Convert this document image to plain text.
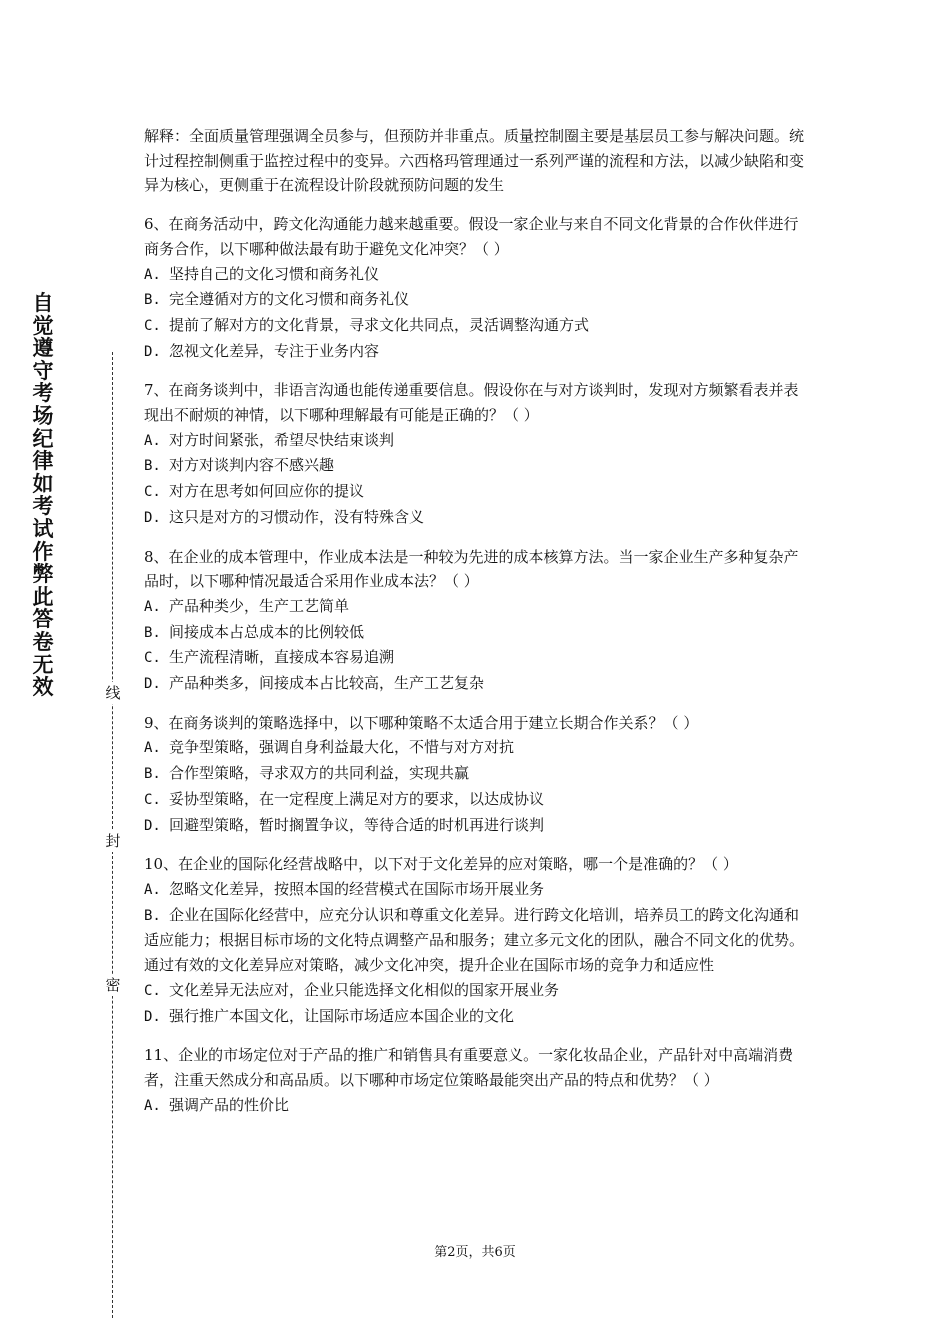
自觉遵守考场纪律如考试作弊此答卷无效	线
封
密

解释：全面质量管理强调全员参与，但预防并非重点。质量控制圈主要是基层员工参与解决问题。统计过程控制侧重于监控过程中的变异。六西格玛管理通过一系列严谨的流程和方法，以减少缺陷和变异为核心，更侧重于在流程设计阶段就预防问题的发生

6、在商务活动中，跨文化沟通能力越来越重要。假设一家企业与来自不同文化背景的合作伙伴进行商务合作，以下哪种做法最有助于避免文化冲突？（ ）

A. 坚持自己的文化习惯和商务礼仪
B. 完全遵循对方的文化习惯和商务礼仪
C. 提前了解对方的文化背景，寻求文化共同点，灵活调整沟通方式
D. 忽视文化差异，专注于业务内容

7、在商务谈判中，非语言沟通也能传递重要信息。假设你在与对方谈判时，发现对方频繁看表并表现出不耐烦的神情，以下哪种理解最有可能是正确的？（ ）

A. 对方时间紧张，希望尽快结束谈判
B. 对方对谈判内容不感兴趣
C. 对方在思考如何回应你的提议
D. 这只是对方的习惯动作，没有特殊含义

8、在企业的成本管理中，作业成本法是一种较为先进的成本核算方法。当一家企业生产多种复杂产品时，以下哪种情况最适合采用作业成本法？（ ）

A. 产品种类少，生产工艺简单
B. 间接成本占总成本的比例较低
C. 生产流程清晰，直接成本容易追溯
D. 产品种类多，间接成本占比较高，生产工艺复杂

9、在商务谈判的策略选择中，以下哪种策略不太适合用于建立长期合作关系？（ ）

A. 竞争型策略，强调自身利益最大化，不惜与对方对抗
B. 合作型策略，寻求双方的共同利益，实现共赢
C. 妥协型策略，在一定程度上满足对方的要求，以达成协议
D. 回避型策略，暂时搁置争议，等待合适的时机再进行谈判

10、在企业的国际化经营战略中，以下对于文化差异的应对策略，哪一个是准确的？（ ）

A. 忽略文化差异，按照本国的经营模式在国际市场开展业务
B. 企业在国际化经营中，应充分认识和尊重文化差异。进行跨文化培训，培养员工的跨文化沟通和适应能力；根据目标市场的文化特点调整产品和服务；建立多元文化的团队，融合不同文化的优势。通过有效的文化差异应对策略，减少文化冲突，提升企业在国际市场的竞争力和适应性
C. 文化差异无法应对，企业只能选择文化相似的国家开展业务
D. 强行推广本国文化，让国际市场适应本国企业的文化

11、企业的市场定位对于产品的推广和销售具有重要意义。一家化妆品企业，产品针对中高端消费者，注重天然成分和高品质。以下哪种市场定位策略最能突出产品的特点和优势？（ ）

A. 强调产品的性价比
第2页，共6页
